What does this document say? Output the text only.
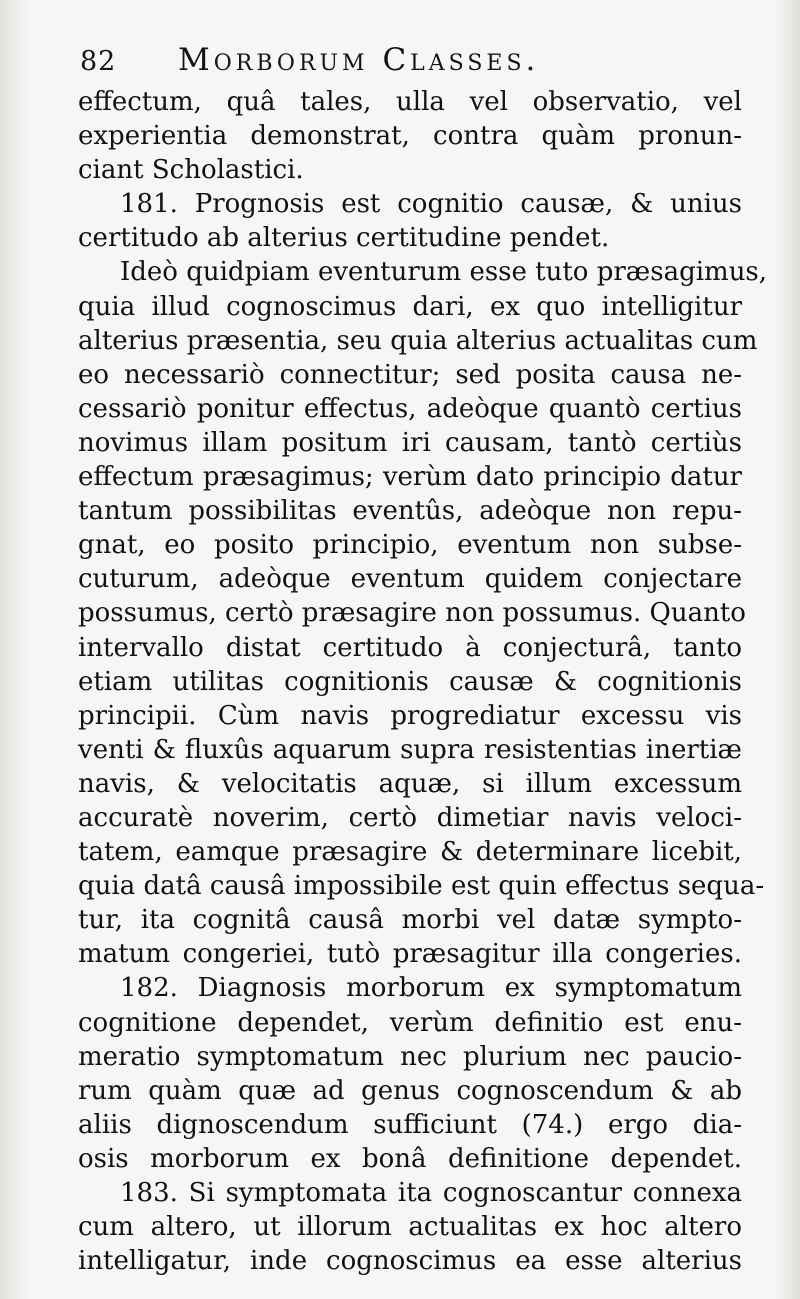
82 Morborum Classes.
effectum, quâ tales, ulla vel observatio, vel
experientia demonstrat, contra quàm pronun-
ciant Scholastici.
181. Prognosis est cognitio causæ, & unius
certitudo ab alterius certitudine pendet.
Ideò quidpiam eventurum esse tuto præsagimus,
quia illud cognoscimus dari, ex quo intelligitur
alterius præsentia, seu quia alterius actualitas cum
eo necessariò connectitur; sed posita causa ne-
cessariò ponitur effectus, adeòque quantò certius
novimus illam positum iri causam, tantò certiùs
effectum præsagimus; verùm dato principio datur
tantum possibilitas eventûs, adeòque non repu-
gnat, eo posito principio, eventum non subse-
cuturum, adeòque eventum quidem conjectare
possumus, certò præsagire non possumus. Quanto
intervallo distat certitudo à conjecturâ, tanto
etiam utilitas cognitionis causæ & cognitionis
principii. Cùm navis progrediatur excessu vis
venti & fluxûs aquarum supra resistentias inertiæ
navis, & velocitatis aquæ, si illum excessum
accuratè noverim, certò dimetiar navis veloci-
tatem, eamque præsagire & determinare licebit,
quia datâ causâ impossibile est quin effectus sequa-
tur, ita cognitâ causâ morbi vel datæ sympto-
matum congeriei, tutò præsagitur illa congeries.
182. Diagnosis morborum ex symptomatum
cognitione dependet, verùm definitio est enu-
meratio symptomatum nec plurium nec paucio-
rum quàm quæ ad genus cognoscendum & ab
aliis dignoscendum sufficiunt (74.) ergo dia-
osis morborum ex bonâ definitione dependet.
183. Si symptomata ita cognoscantur connexa
cum altero, ut illorum actualitas ex hoc altero
intelligatur, inde cognoscimus ea esse alterius
